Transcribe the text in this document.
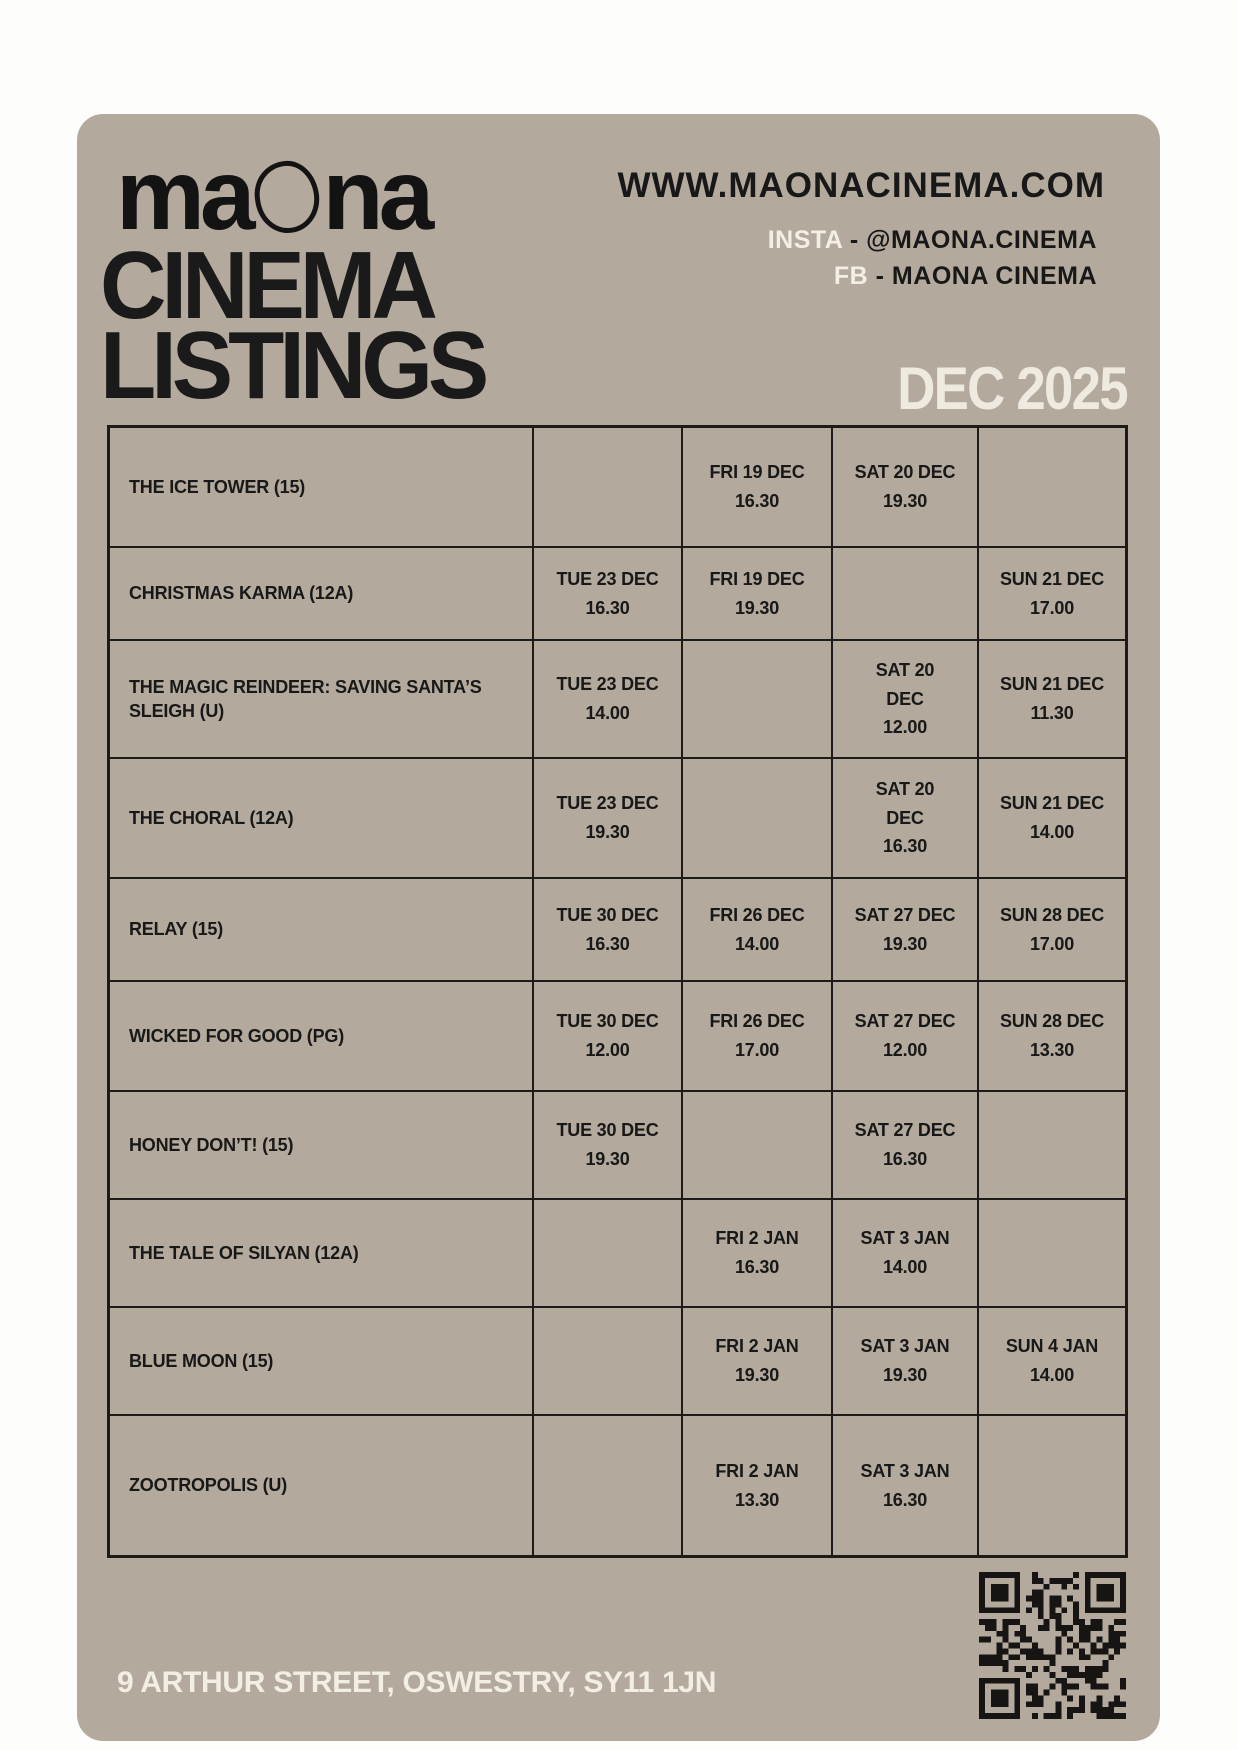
ma na
CINEMA
LISTINGS
WWW.MAONACINEMA.COM
INSTA - @MAONA.CINEMA
FB - MAONA CINEMA
DEC 2025
THE ICE TOWER (15)
FRI 19 DEC
16.30
SAT 20 DEC
19.30
CHRISTMAS KARMA (12A)
TUE 23 DEC
16.30
FRI 19 DEC
19.30
SUN 21 DEC
17.00
THE MAGIC REINDEER: SAVING SANTA’S SLEIGH (U)
TUE 23 DEC
14.00
SAT 20
DEC
12.00
SUN 21 DEC
11.30
THE CHORAL (12A)
TUE 23 DEC
19.30
SAT 20
DEC
16.30
SUN 21 DEC
14.00
RELAY (15)
TUE 30 DEC
16.30
FRI 26 DEC
14.00
SAT 27 DEC
19.30
SUN 28 DEC
17.00
WICKED FOR GOOD (PG)
TUE 30 DEC
12.00
FRI 26 DEC
17.00
SAT 27 DEC
12.00
SUN 28 DEC
13.30
HONEY DON’T! (15)
TUE 30 DEC
19.30
SAT 27 DEC
16.30
THE TALE OF SILYAN (12A)
FRI 2 JAN
16.30
SAT 3 JAN
14.00
BLUE MOON (15)
FRI 2 JAN
19.30
SAT 3 JAN
19.30
SUN 4 JAN
14.00
ZOOTROPOLIS (U)
FRI 2 JAN
13.30
SAT 3 JAN
16.30
9 ARTHUR STREET, OSWESTRY, SY11 1JN
